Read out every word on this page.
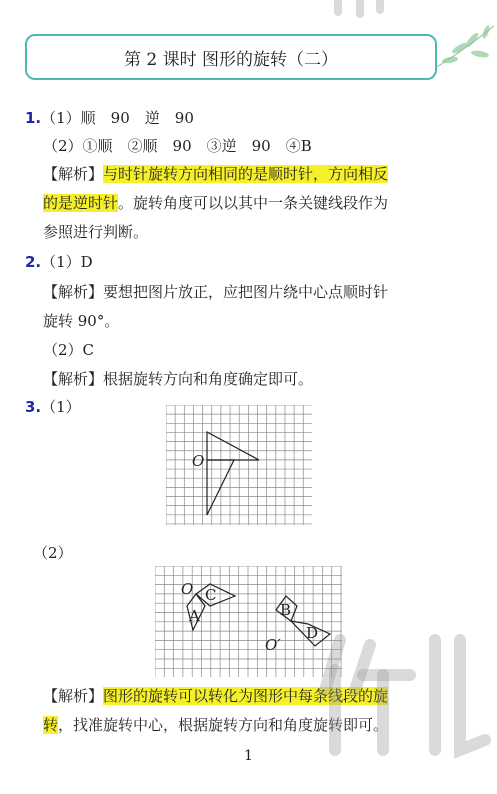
第 2 课时 图形的旋转（二）
1.（1）顺　90　逆　90
（2）①顺　②顺　90　③逆　90　④B
【解析】与时针旋转方向相同的是顺时针，方向相反
的是逆时针。旋转角度可以以其中一条关键线段作为
参照进行判断。
2.（1）D
【解析】要想把图片放正，应把图片绕中心点顺时针
旋转 90°。
（2）C
【解析】根据旋转方向和角度确定即可。
3.（1）
O
（2）
O C
A	B
D
O′
【解析】图形的旋转可以转化为图形中每条线段的旋
转，找准旋转中心，根据旋转方向和角度旋转即可。
1
